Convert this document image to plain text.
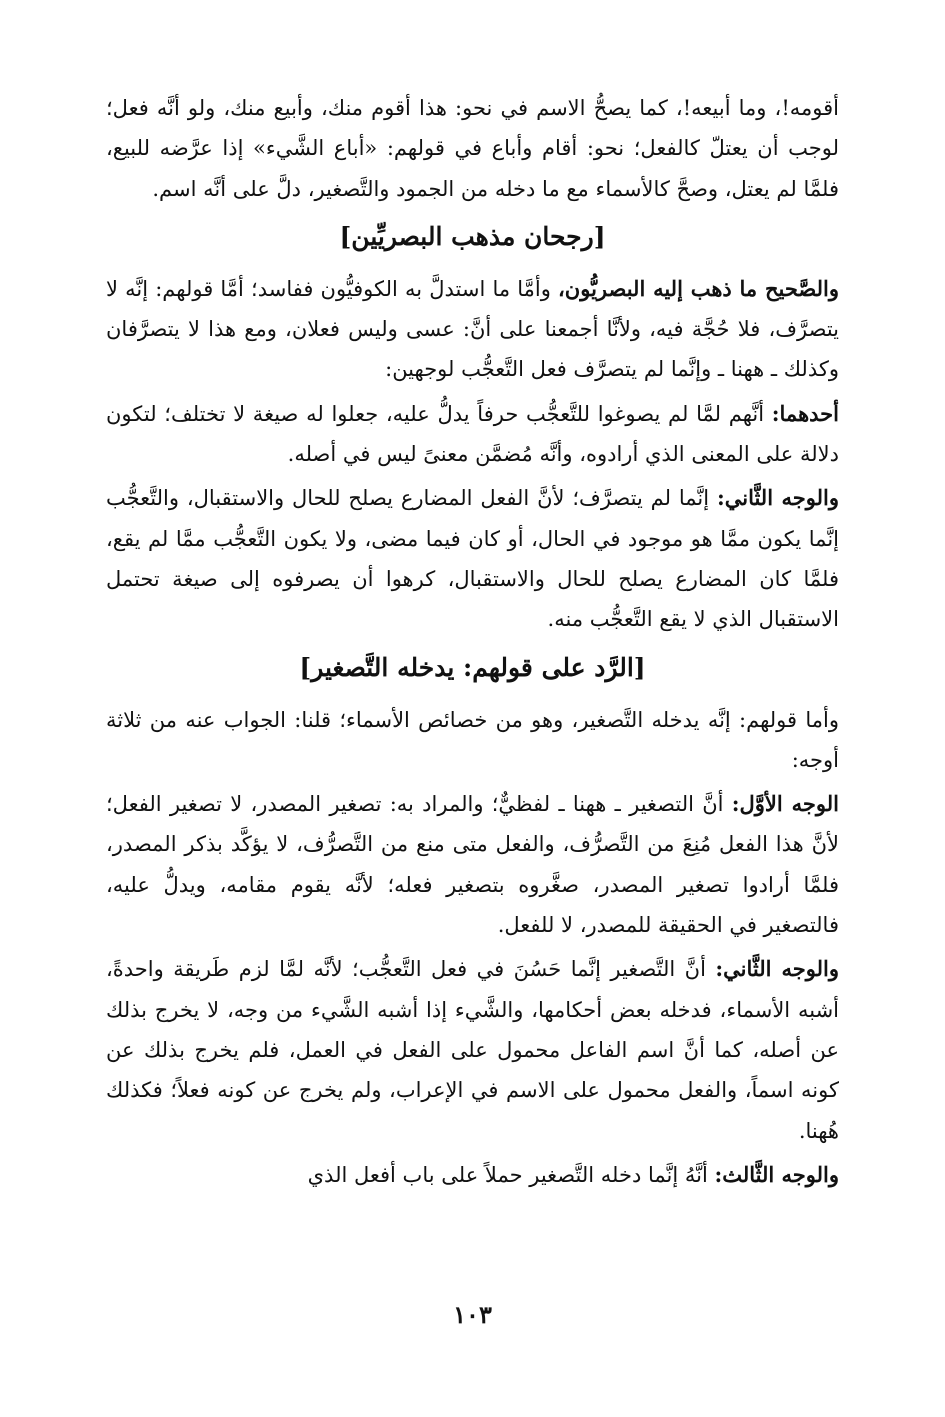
أقومه!، وما أبيعه!، كما يصحُّ الاسم في نحو: هذا أقوم منك، وأبيع منك، ولو أنَّه فعل؛ لوجب أن يعتلّ كالفعل؛ نحو: أقام وأباع في قولهم: «أباع الشَّيء» إذا عرَّضه للبيع، فلمَّا لم يعتل، وصحَّ كالأسماء مع ما دخله من الجمود والتَّصغير، دلَّ على أنَّه اسم.

[رجحان مذهب البصريِّين]

والصَّحيح ما ذهب إليه البصريُّون، وأمَّا ما استدلَّ به الكوفيُّون ففاسد؛ أمَّا قولهم: إنَّه لا يتصرَّف، فلا حُجَّة فيه، ولأنَّا أجمعنا على أنَّ: عسى وليس فعلان، ومع هذا لا يتصرَّفان وكذلك ـ ههنا ـ وإنَّما لم يتصرَّف فعل التَّعجُّب لوجهين:

أحدهما: أنَّهم لمَّا لم يصوغوا للتَّعجُّب حرفاً يدلُّ عليه، جعلوا له صيغة لا تختلف؛ لتكون دلالة على المعنى الذي أرادوه، وأنَّه مُضمَّن معنىً ليس في أصله.

والوجه الثَّاني: إنَّما لم يتصرَّف؛ لأنَّ الفعل المضارع يصلح للحال والاستقبال، والتَّعجُّب إنَّما يكون ممَّا هو موجود في الحال، أو كان فيما مضى، ولا يكون التَّعجُّب ممَّا لم يقع، فلمَّا كان المضارع يصلح للحال والاستقبال، كرهوا أن يصرفوه إلى صيغة تحتمل الاستقبال الذي لا يقع التَّعجُّب منه.

[الرَّد على قولهم: يدخله التَّصغير]

وأما قولهم: إنَّه يدخله التَّصغير، وهو من خصائص الأسماء؛ قلنا: الجواب عنه من ثلاثة أوجه:

الوجه الأوَّل: أنَّ التصغير ـ ههنا ـ لفظيٌّ؛ والمراد به: تصغير المصدر، لا تصغير الفعل؛ لأنَّ هذا الفعل مُنِعَ من التَّصرُّف، والفعل متى منع من التَّصرُّف، لا يؤكَّد بذكر المصدر، فلمَّا أرادوا تصغير المصدر، صغَّروه بتصغير فعله؛ لأنَّه يقوم مقامه، ويدلُّ عليه، فالتصغير في الحقيقة للمصدر، لا للفعل.

والوجه الثَّاني: أنَّ التَّصغير إنَّما حَسُنَ في فعل التَّعجُّب؛ لأنَّه لمَّا لزم طَريقة واحدةً، أشبه الأسماء، فدخله بعض أحكامها، والشَّيء إذا أشبه الشَّيء من وجه، لا يخرج بذلك عن أصله، كما أنَّ اسم الفاعل محمول على الفعل في العمل، فلم يخرج بذلك عن كونه اسماً، والفعل محمول على الاسم في الإعراب، ولم يخرج عن كونه فعلاً؛ فكذلك هُهنا.

والوجه الثَّالث: أنَّهُ إنَّما دخله التَّصغير حملاً على باب أفعل الذي

١٠٣
